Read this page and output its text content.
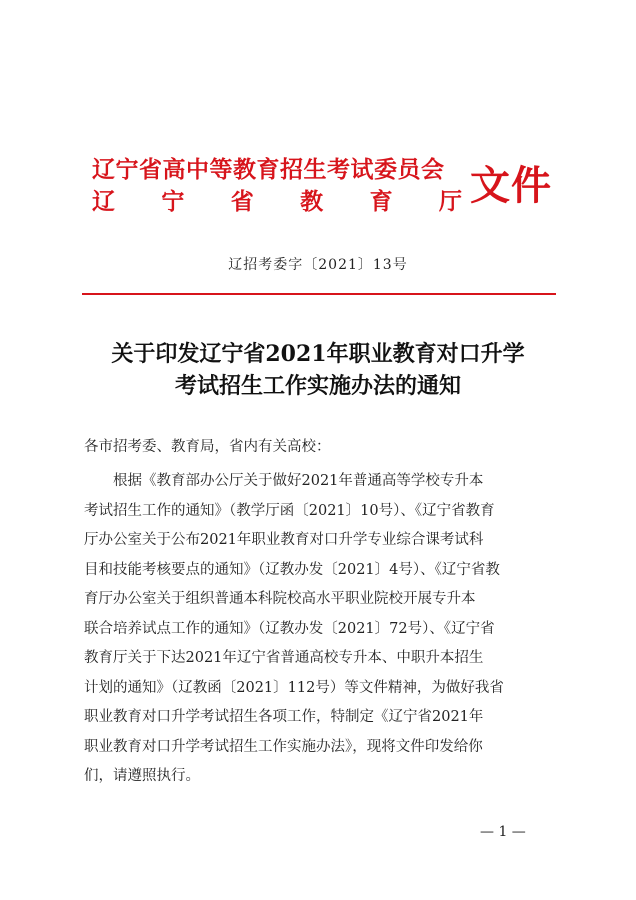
辽宁省高中等教育招生考试委员会
辽 宁 省 教 育 厅 文件
辽招考委字〔2021〕13号
关于印发辽宁省2021年职业教育对口升学
考试招生工作实施办法的通知
各市招考委、教育局，省内有关高校：
根据《教育部办公厅关于做好2021年普通高等学校专升本
考试招生工作的通知》（教学厅函〔2021〕10号）、《辽宁省教育
厅办公室关于公布2021年职业教育对口升学专业综合课考试科
目和技能考核要点的通知》（辽教办发〔2021〕4号）、《辽宁省教
育厅办公室关于组织普通本科院校高水平职业院校开展专升本
联合培养试点工作的通知》（辽教办发〔2021〕72号）、《辽宁省
教育厅关于下达2021年辽宁省普通高校专升本、中职升本招生
计划的通知》（辽教函〔2021〕112号）等文件精神，为做好我省
职业教育对口升学考试招生各项工作，特制定《辽宁省2021年
职业教育对口升学考试招生工作实施办法》，现将文件印发给你
们，请遵照执行。
— 1 —
